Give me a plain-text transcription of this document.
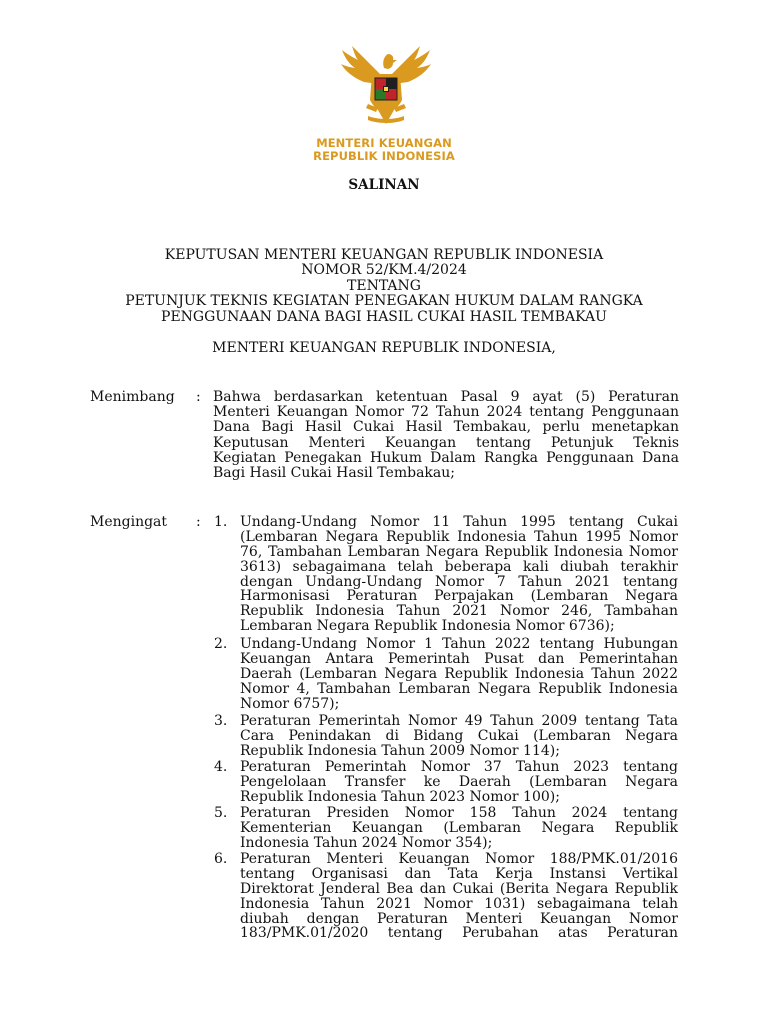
MENTERI KEUANGAN
REPUBLIK INDONESIA
SALINAN
KEPUTUSAN MENTERI KEUANGAN REPUBLIK INDONESIA
NOMOR 52/KM.4/2024
TENTANG
PETUNJUK TEKNIS KEGIATAN PENEGAKAN HUKUM DALAM RANGKA
PENGGUNAAN DANA BAGI HASIL CUKAI HASIL TEMBAKAU
MENTERI KEUANGAN REPUBLIK INDONESIA,
Menimbang : Bahwa berdasarkan ketentuan Pasal 9 ayat (5) Peraturan
Menteri Keuangan Nomor 72 Tahun 2024 tentang Penggunaan
Dana Bagi Hasil Cukai Hasil Tembakau, perlu menetapkan
Keputusan Menteri Keuangan tentang Petunjuk Teknis
Kegiatan Penegakan Hukum Dalam Rangka Penggunaan Dana
Bagi Hasil Cukai Hasil Tembakau;
Mengingat : 1. Undang-Undang Nomor 11 Tahun 1995 tentang Cukai
(Lembaran Negara Republik Indonesia Tahun 1995 Nomor
76, Tambahan Lembaran Negara Republik Indonesia Nomor
3613) sebagaimana telah beberapa kali diubah terakhir
dengan Undang-Undang Nomor 7 Tahun 2021 tentang
Harmonisasi Peraturan Perpajakan (Lembaran Negara
Republik Indonesia Tahun 2021 Nomor 246, Tambahan
Lembaran Negara Republik Indonesia Nomor 6736);
2. Undang-Undang Nomor 1 Tahun 2022 tentang Hubungan
Keuangan Antara Pemerintah Pusat dan Pemerintahan
Daerah (Lembaran Negara Republik Indonesia Tahun 2022
Nomor 4, Tambahan Lembaran Negara Republik Indonesia
Nomor 6757);
3. Peraturan Pemerintah Nomor 49 Tahun 2009 tentang Tata
Cara Penindakan di Bidang Cukai (Lembaran Negara
Republik Indonesia Tahun 2009 Nomor 114);
4. Peraturan Pemerintah Nomor 37 Tahun 2023 tentang
Pengelolaan Transfer ke Daerah (Lembaran Negara
Republik Indonesia Tahun 2023 Nomor 100);
5. Peraturan Presiden Nomor 158 Tahun 2024 tentang
Kementerian Keuangan (Lembaran Negara Republik
Indonesia Tahun 2024 Nomor 354);
6. Peraturan Menteri Keuangan Nomor 188/PMK.01/2016
tentang Organisasi dan Tata Kerja Instansi Vertikal
Direktorat Jenderal Bea dan Cukai (Berita Negara Republik
Indonesia Tahun 2021 Nomor 1031) sebagaimana telah
diubah dengan Peraturan Menteri Keuangan Nomor
183/PMK.01/2020 tentang Perubahan atas Peraturan
